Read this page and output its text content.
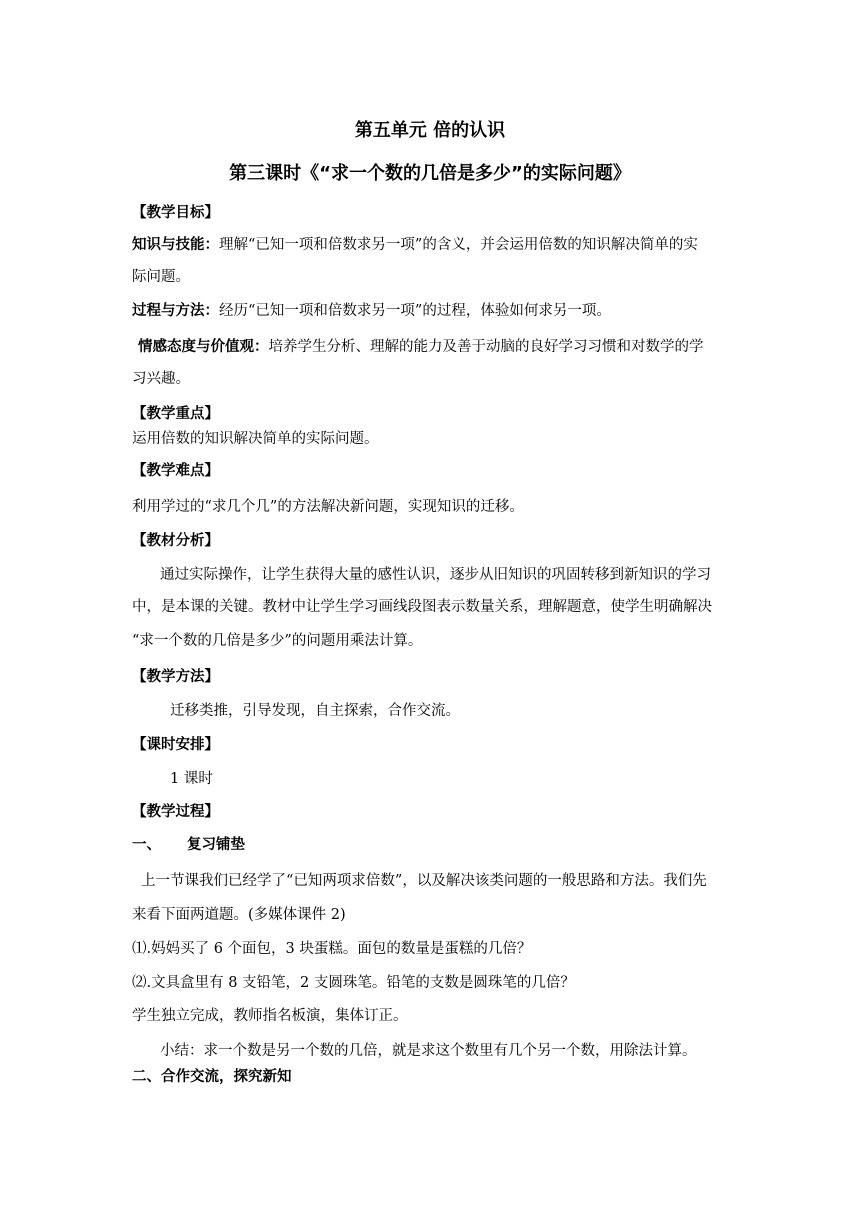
第五单元 倍的认识
第三课时《“求一个数的几倍是多少”的实际问题》
【教学目标】
知识与技能：理解“已知一项和倍数求另一项”的含义，并会运用倍数的知识解决简单的实
际问题。
过程与方法：经历“已知一项和倍数求另一项”的过程，体验如何求另一项。
情感态度与价值观：培养学生分析、理解的能力及善于动脑的良好学习习惯和对数学的学
习兴趣。
【教学重点】
运用倍数的知识解决简单的实际问题。
【教学难点】
利用学过的“求几个几”的方法解决新问题，实现知识的迁移。
【教材分析】
通过实际操作，让学生获得大量的感性认识，逐步从旧知识的巩固转移到新知识的学习
中，是本课的关键。教材中让学生学习画线段图表示数量关系，理解题意，使学生明确解决
“求一个数的几倍是多少”的问题用乘法计算。
【教学方法】
迁移类推，引导发现，自主探索，合作交流。
【课时安排】
1 课时
【教学过程】
一、 复习铺垫
上一节课我们已经学了“已知两项求倍数”，以及解决该类问题的一般思路和方法。我们先
来看下面两道题。(多媒体课件 2)
⑴.妈妈买了 6 个面包，3 块蛋糕。面包的数量是蛋糕的几倍？
⑵.文具盒里有 8 支铅笔，2 支圆珠笔。铅笔的支数是圆珠笔的几倍？
学生独立完成，教师指名板演，集体订正。
小结：求一个数是另一个数的几倍，就是求这个数里有几个另一个数，用除法计算。
二、合作交流，探究新知
